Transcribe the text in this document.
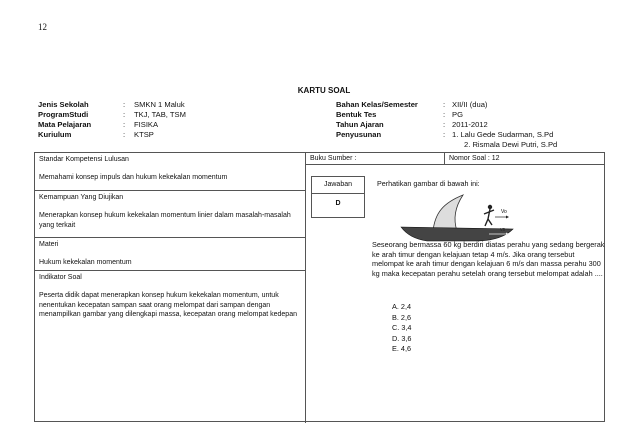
12
KARTU SOAL
Jenis Sekolah	:	SMKN 1 Maluk
ProgramStudi	:	TKJ, TAB, TSM
Mata Pelajaran	:	FISIKA
Kuriulum	:	KTSP
Bahan Kelas/Semester	:	XII/II (dua)
Bentuk Tes	:	PG
Tahun Ajaran	:	2011-2012
Penyusunan	:	1. Lalu Gede Sudarman, S.Pd
		2. Rismala Dewi Putri, S.Pd
Standar Kompetensi Lulusan
Memahami konsep impuls dan hukum kekekalan momentum
Kemampuan Yang Diujikan
Menerapkan konsep hukum kekekalan momentum linier dalam masalah-masalah yang terkait
Materi
Hukum kekekalan momentum
Indikator Soal
Peserta didik dapat menerapkan konsep hukum kekekalan momentum, untuk nenentukan kecepatan sampan saat orang melompat dari sampan dengan menampilkan gambar yang dilengkapi massa, kecepatan orang melompat kedepan
Buku Sumber :	Nomor Soal : 12
Jawaban
D
Perhatikan gambar di bawah ini:
Vo
vs
Seseorang bermassa 60 kg berdiri diatas perahu yang sedang bergerak ke arah timur dengan kelajuan tetap 4 m/s. Jika orang tersebut melompat ke arah timur dengan kelajuan 6 m/s dan massa perahu 300 kg maka kecepatan perahu setelah orang tersebut melompat adalah ....
A. 2,4
B. 2,6
C. 3,4
D. 3,6
E. 4,6
